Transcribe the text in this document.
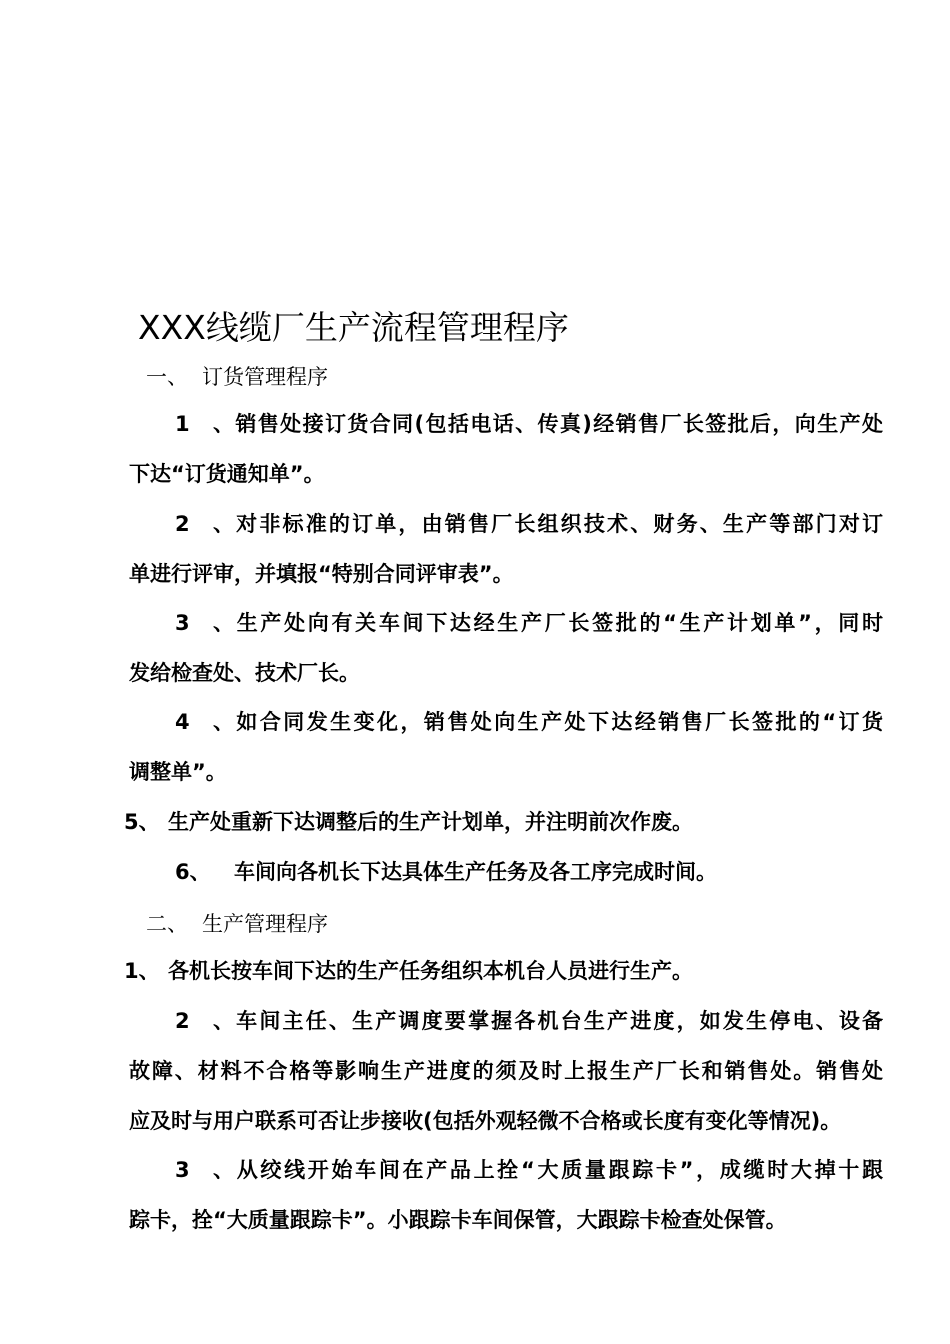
XXX线缆厂生产流程管理程序
一、 订货管理程序
1、销售处接订货合同(包括电话、传真)经销售厂长签批后，向生产处
下达“订货通知单”。
2、对非标准的订单，由销售厂长组织技术、财务、生产等部门对订
单进行评审，并填报“特别合同评审表”。
3、生产处向有关车间下达经生产厂长签批的“生产计划单”，同时
发给检查处、技术厂长。
4、如合同发生变化，销售处向生产处下达经销售厂长签批的“订货
调整单”。
5、 生产处重新下达调整后的生产计划单，并注明前次作废。
6、 车间向各机长下达具体生产任务及各工序完成时间。
二、 生产管理程序
1、 各机长按车间下达的生产任务组织本机台人员进行生产。
2、车间主任、生产调度要掌握各机台生产进度，如发生停电、设备
故障、材料不合格等影响生产进度的须及时上报生产厂长和销售处。销售处
应及时与用户联系可否让步接收(包括外观轻微不合格或长度有变化等情况)。
3、从绞线开始车间在产品上拴“大质量跟踪卡”，成缆时大掉十跟
踪卡，拴“大质量跟踪卡”。小跟踪卡车间保管，大跟踪卡检查处保管。
